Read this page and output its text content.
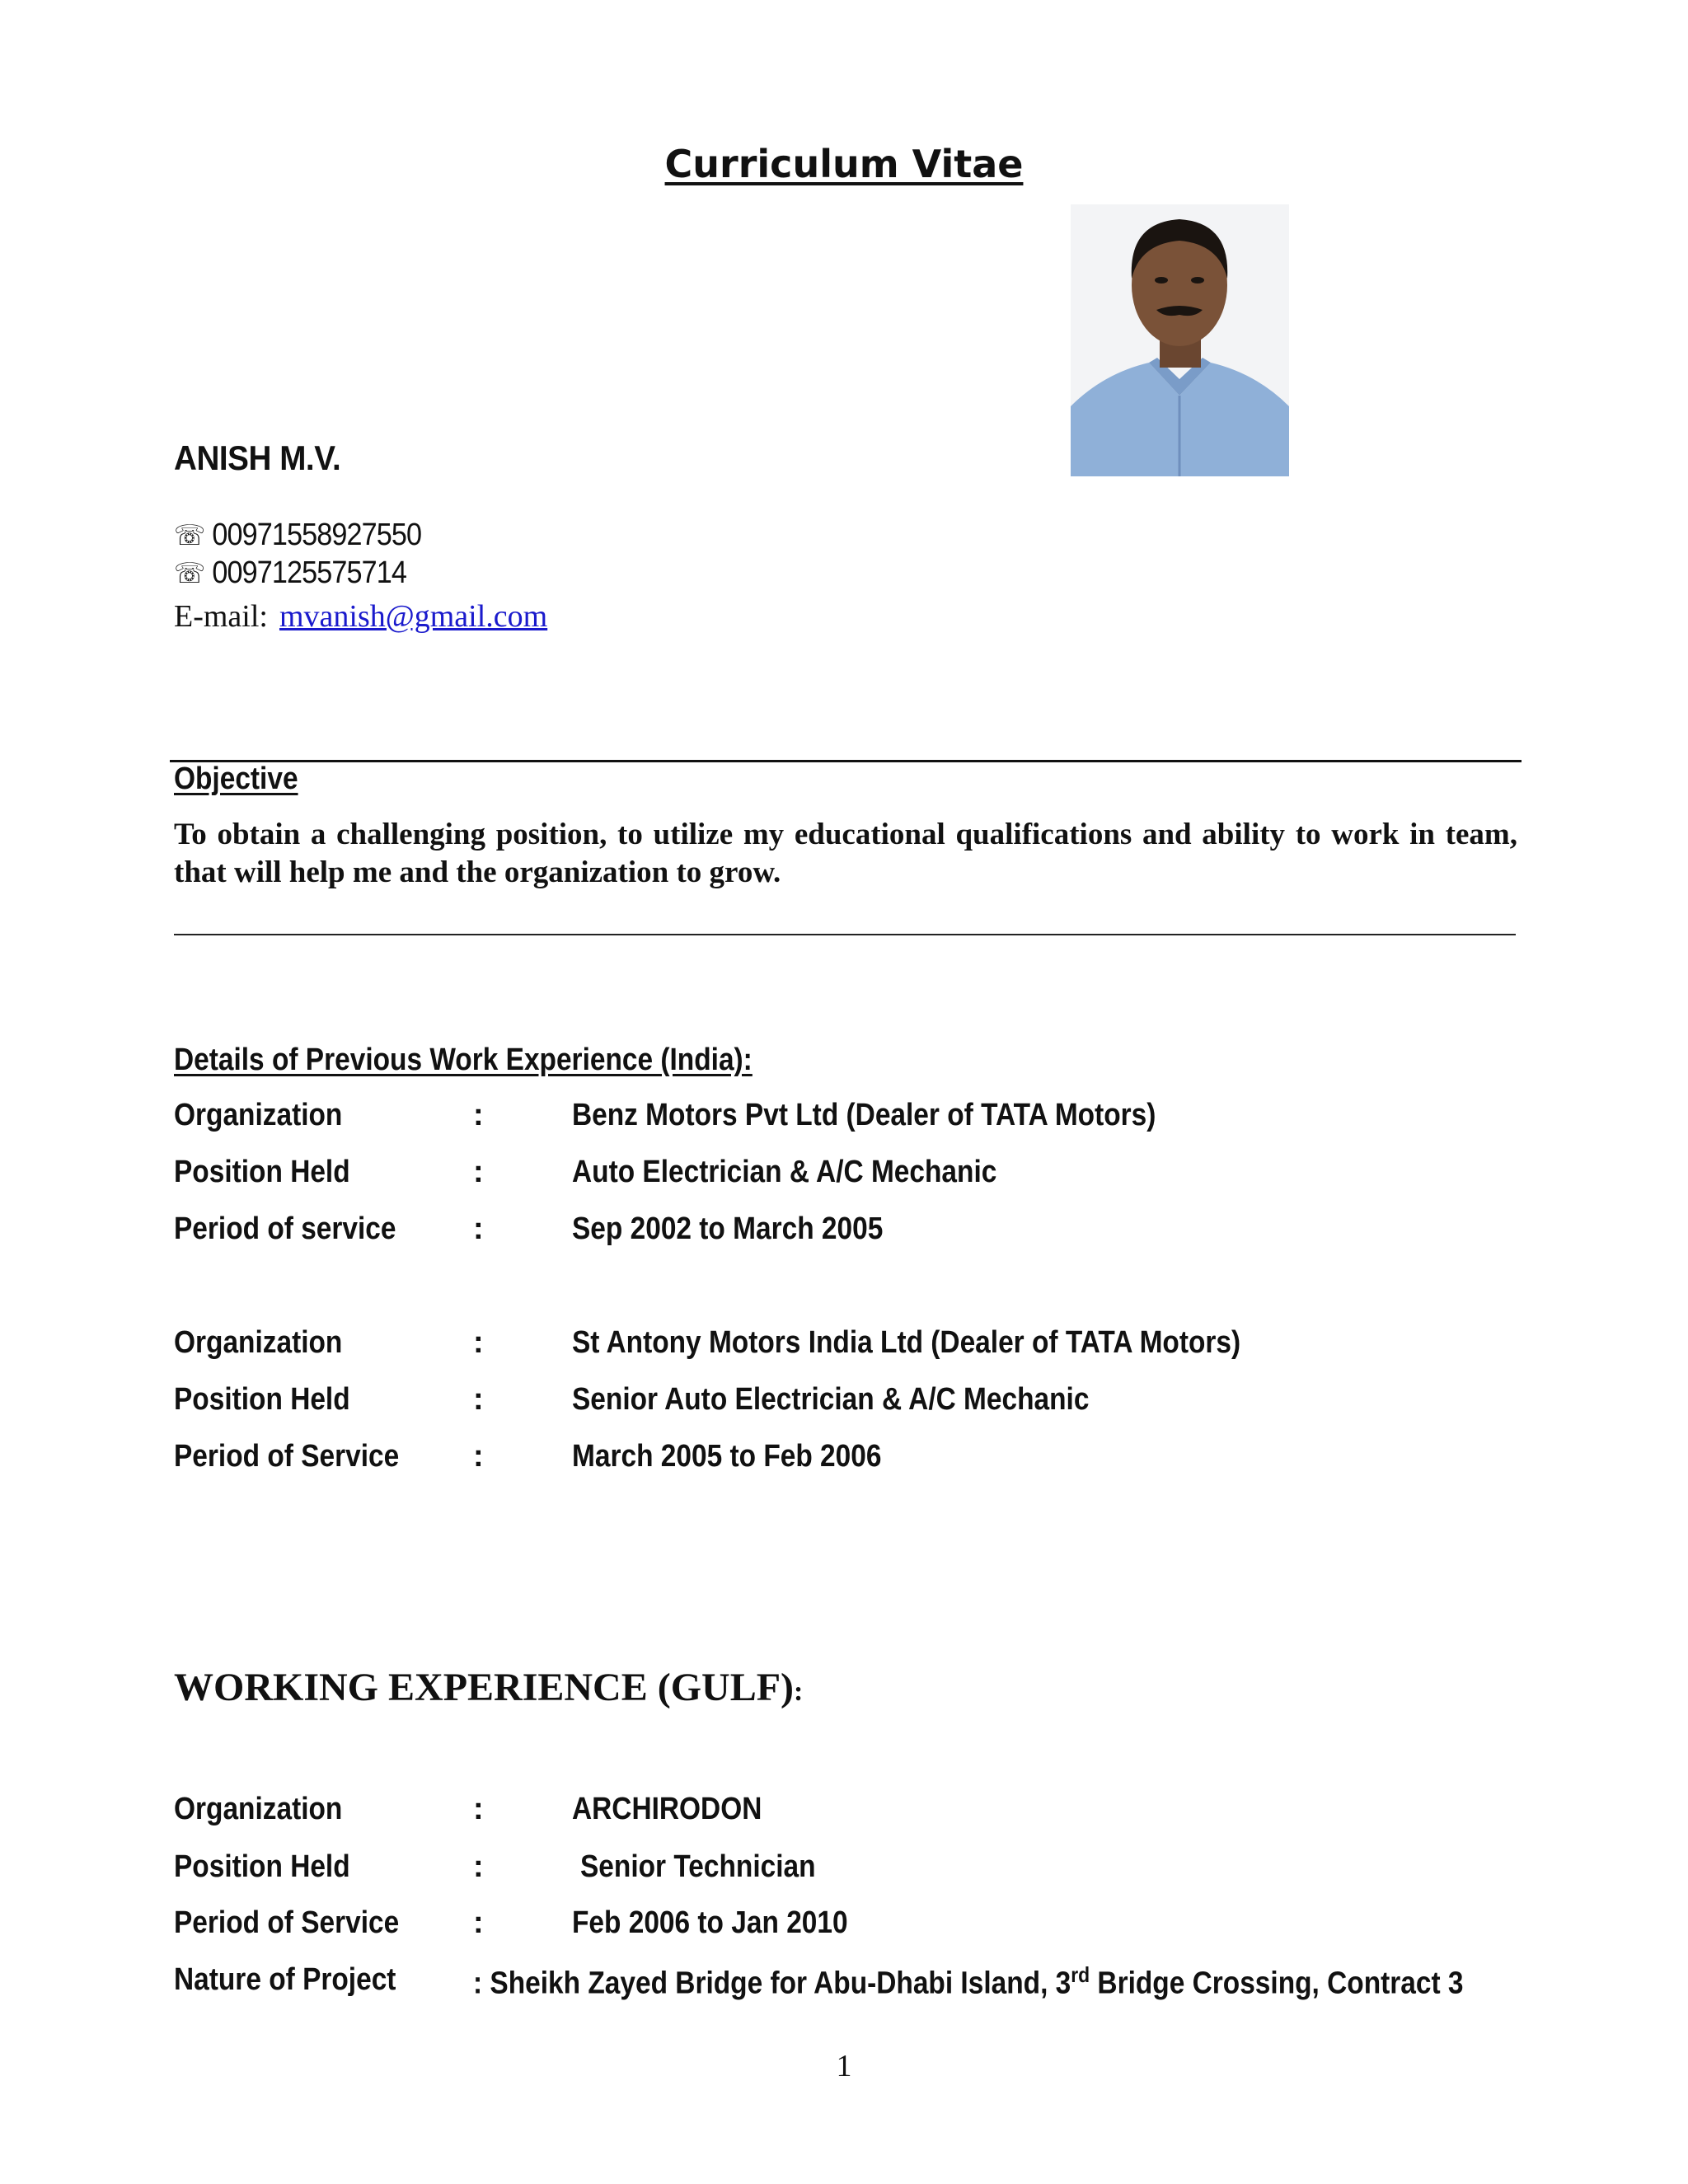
Curriculum Vitae
ANISH M.V.
☏ 00971558927550
☏ 0097125575714
E-mail: mvanish@gmail.com
Objective
To obtain a challenging position, to utilize my educational qualifications and ability to work in team, that will help me and the organization to grow.
Details of Previous Work Experience (India):
Organization	:	Benz Motors Pvt Ltd (Dealer of TATA Motors)
Position Held	:	Auto Electrician & A/C Mechanic
Period of service :	Sep 2002 to March 2005
Organization	:	St Antony Motors India Ltd (Dealer of TATA Motors)
Position Held	:	Senior Auto Electrician & A/C Mechanic
Period of Service :	March 2005 to Feb 2006
WORKING EXPERIENCE (GULF):
Organization	:	ARCHIRODON
Position Held	:	Senior Technician
Period of Service :	Feb 2006 to Jan 2010
Nature of Project : Sheikh Zayed Bridge for Abu-Dhabi Island, 3rd Bridge Crossing, Contract 3
1
